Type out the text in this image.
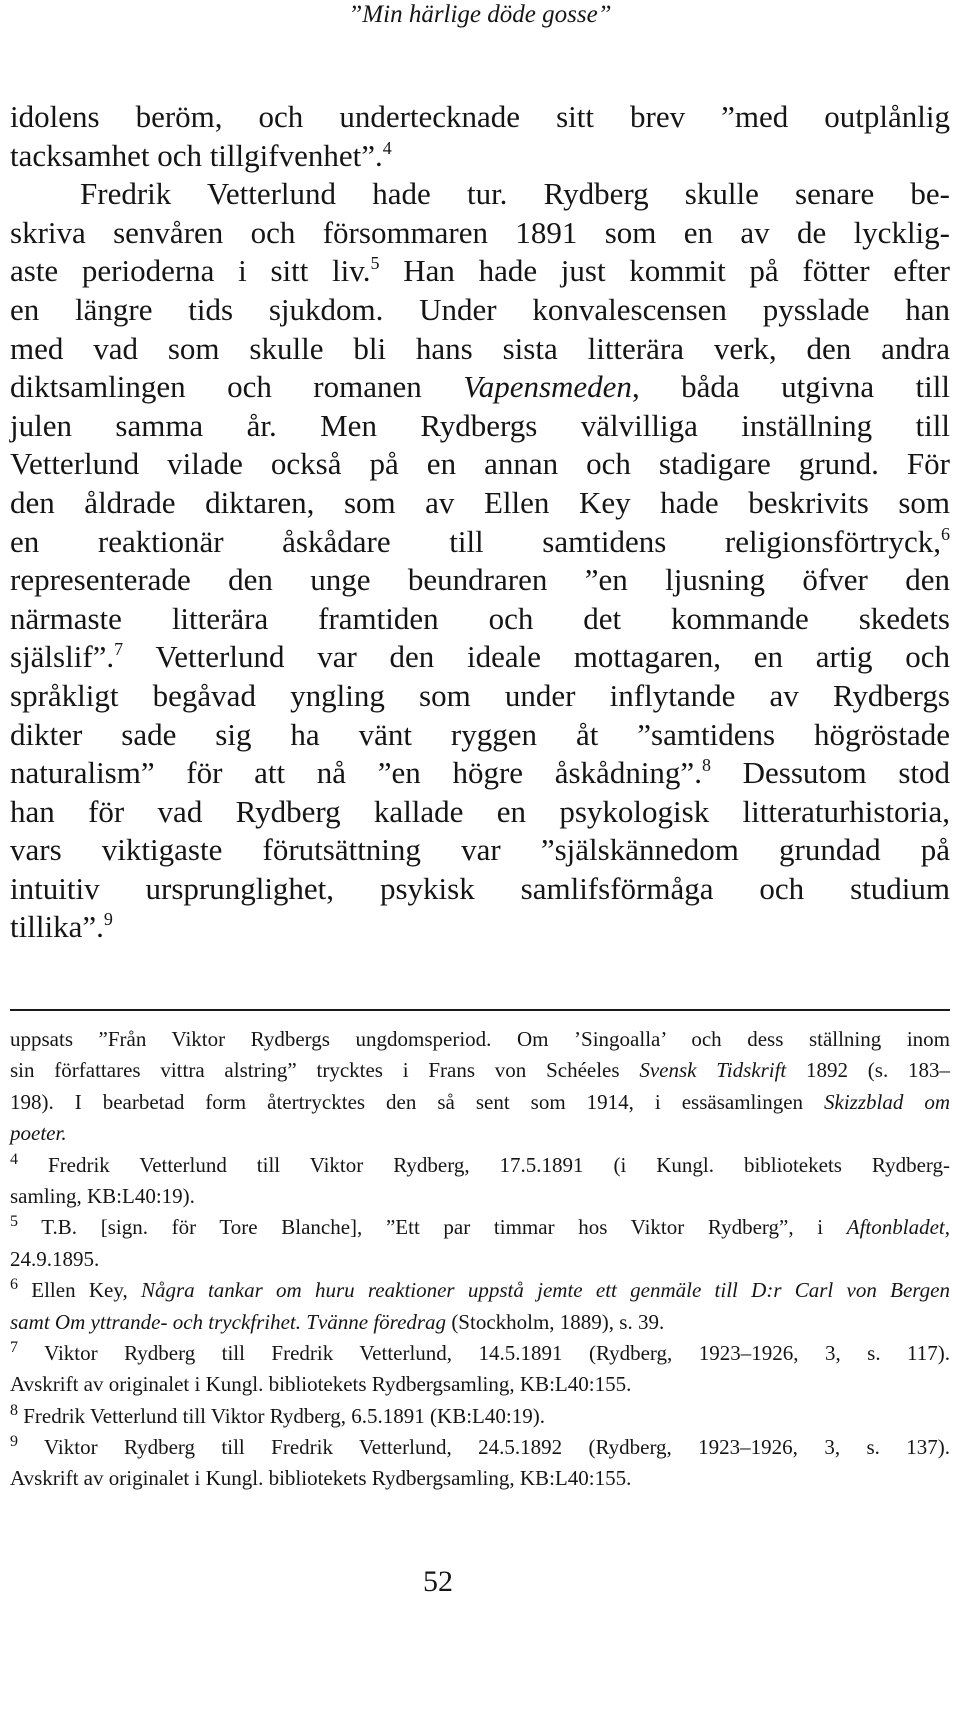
”Min härlige döde gosse”
idolens beröm, och undertecknade sitt brev ”med outplånlig
tacksamhet och tillgifvenhet”.$^4$
Fredrik Vetterlund hade tur. Rydberg skulle senare be-
skriva senvåren och försommaren 1891 som en av de lycklig-
aste perioderna i sitt liv.$^5$ Han hade just kommit på fötter efter
en längre tids sjukdom. Under konvalescensen pysslade han
med vad som skulle bli hans sista litterära verk, den andra
diktsamlingen och romanen Vapensmeden, båda utgivna till
julen samma år. Men Rydbergs välvilliga inställning till
Vetterlund vilade också på en annan och stadigare grund. För
den åldrade diktaren, som av Ellen Key hade beskrivits som
en reaktionär åskådare till samtidens religionsförtryck,$^6$
representerade den unge beundraren ”en ljusning öfver den
närmaste litterära framtiden och det kommande skedets
själslif”.$^7$ Vetterlund var den ideale mottagaren, en artig och
språkligt begåvad yngling som under inflytande av Rydbergs
dikter sade sig ha vänt ryggen åt ”samtidens högröstade
naturalism” för att nå ”en högre åskådning”.$^8$ Dessutom stod
han för vad Rydberg kallade en psykologisk litteraturhistoria,
vars viktigaste förutsättning var ”själskännedom grundad på
intuitiv ursprunglighet, psykisk samlifsförmåga och studium
tillika”.$^9$
uppsats ”Från Viktor Rydbergs ungdomsperiod. Om ’Singoalla’ och dess ställning inom
sin författares vittra alstring” trycktes i Frans von Schéeles Svensk Tidskrift 1892 (s. 183–
198). I bearbetad form återtrycktes den så sent som 1914, i essäsamlingen Skizzblad om
poeter.
$^4$ Fredrik Vetterlund till Viktor Rydberg, 17.5.1891 (i Kungl. bibliotekets Rydberg-
samling, KB:L40:19).
$^5$ T.B. [sign. för Tore Blanche], ”Ett par timmar hos Viktor Rydberg”, i Aftonbladet,
24.9.1895.
$^6$ Ellen Key, Några tankar om huru reaktioner uppstå jemte ett genmäle till D:r Carl von Bergen
samt Om yttrande- och tryckfrihet. Tvänne föredrag (Stockholm, 1889), s. 39.
$^7$ Viktor Rydberg till Fredrik Vetterlund, 14.5.1891 (Rydberg, 1923–1926, 3, s. 117).
Avskrift av originalet i Kungl. bibliotekets Rydbergsamling, KB:L40:155.
$^8$ Fredrik Vetterlund till Viktor Rydberg, 6.5.1891 (KB:L40:19).
$^9$ Viktor Rydberg till Fredrik Vetterlund, 24.5.1892 (Rydberg, 1923–1926, 3, s. 137).
Avskrift av originalet i Kungl. bibliotekets Rydbergsamling, KB:L40:155.
52
